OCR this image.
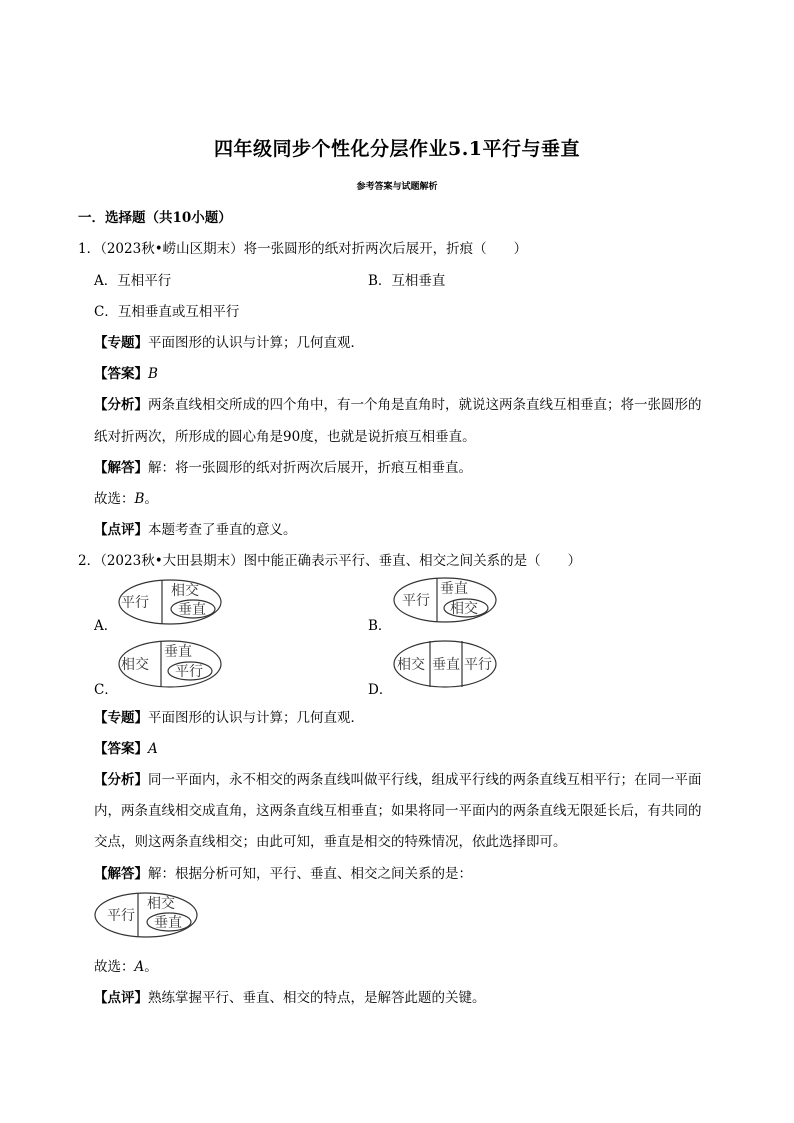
四年级同步个性化分层作业5.1平行与垂直
参考答案与试题解析
一．选择题（共10小题）
1．（2023秋•崂山区期末）将一张圆形的纸对折两次后展开，折痕（　　）
A．互相平行	B．互相垂直
C．互相垂直或互相平行
【专题】平面图形的认识与计算；几何直观．
【答案】B
【分析】两条直线相交所成的四个角中，有一个角是直角时，就说这两条直线互相垂直；将一张圆形的
纸对折两次，所形成的圆心角是90度，也就是说折痕互相垂直。
【解答】解：将一张圆形的纸对折两次后展开，折痕互相垂直。
故选：B。
【点评】本题考查了垂直的意义。
2．（2023秋•大田县期末）图中能正确表示平行、垂直、相交之间关系的是（　　）
A．
平行
相交
垂直
B．
平行
垂直
相交
C．
相交
垂直
平行
D．
相交 垂直 平行
【专题】平面图形的认识与计算；几何直观．
【答案】A
【分析】同一平面内，永不相交的两条直线叫做平行线，组成平行线的两条直线互相平行；在同一平面
内，两条直线相交成直角，这两条直线互相垂直；如果将同一平面内的两条直线无限延长后，有共同的
交点，则这两条直线相交；由此可知，垂直是相交的特殊情况，依此选择即可。
【解答】解：根据分析可知，平行、垂直、相交之间关系的是：
平行
相交
垂直
故选：A。
【点评】熟练掌握平行、垂直、相交的特点，是解答此题的关键。
